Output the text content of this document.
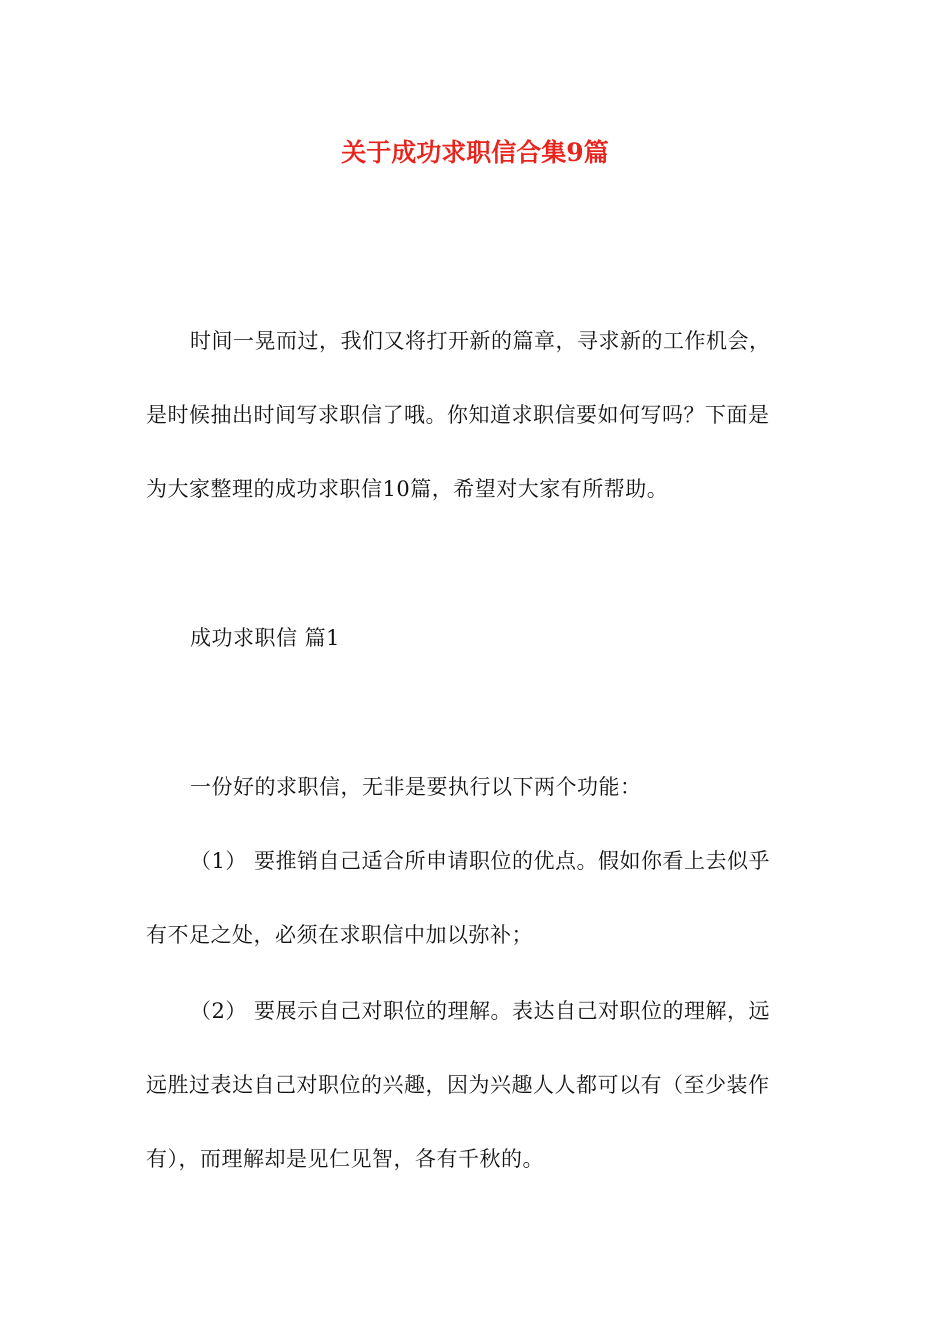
关于成功求职信合集9篇
时间一晃而过，我们又将打开新的篇章，寻求新的工作机会，
是时候抽出时间写求职信了哦。你知道求职信要如何写吗？下面是
为大家整理的成功求职信10篇，希望对大家有所帮助。
成功求职信 篇1
一份好的求职信，无非是要执行以下两个功能：
（1） 要推销自己适合所申请职位的优点。假如你看上去似乎
有不足之处，必须在求职信中加以弥补；
（2） 要展示自己对职位的理解。表达自己对职位的理解，远
远胜过表达自己对职位的兴趣，因为兴趣人人都可以有（至少装作
有），而理解却是见仁见智，各有千秋的。
